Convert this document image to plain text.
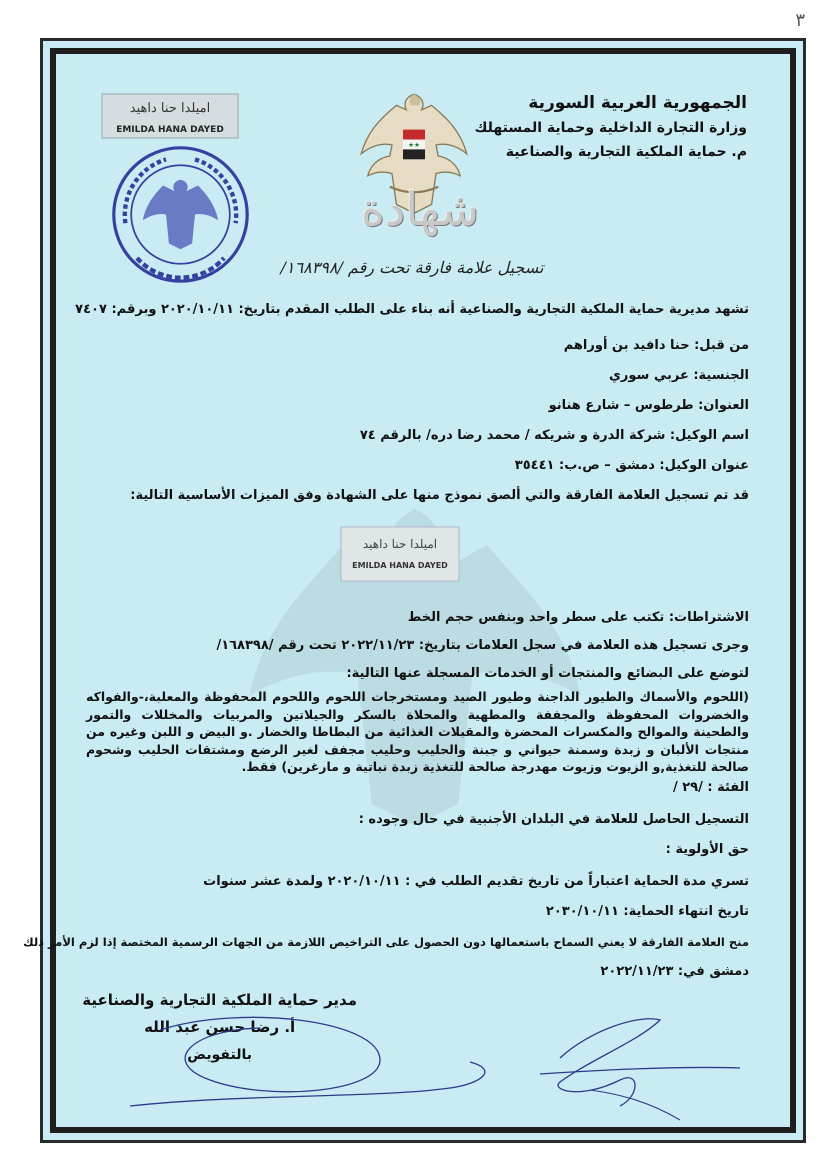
٣
الجمهورية العربية السورية
وزارة التجارة الداخلية وحماية المستهلك
م. حماية الملكية التجارية والصناعية
★★
اميلدا حنا داهيد
EMILDA HANA DAYED
شهادة
تسجيل علامة فارقة تحت رقم /١٦٨٣٩٨/
تشهد مديرية حماية الملكية التجارية والصناعية أنه بناء على الطلب المقدم بتاريخ: ٢٠٢٠/١٠/١١ وبرقم: ٧٤٠٧
من قبل: حنا دافيد بن أوراهم
الجنسية: عربي سوري
العنوان: طرطوس – شارع هنانو
اسم الوكيل: شركة الدرة و شريكه / محمد رضا دره/ بالرقم ٧٤
عنوان الوكيل: دمشق – ص.ب: ٣٥٤٤١
قد تم تسجيل العلامة الفارقة والتي ألصق نموذج منها على الشهادة وفق الميزات الأساسية التالية:
الاشتراطات: تكتب على سطر واحد وبنفس حجم الخط
وجرى تسجيل هذه العلامة في سجل العلامات بتاريخ: ٢٠٢٢/١١/٢٣ تحت رقم /١٦٨٣٩٨/
لتوضع على البضائع والمنتجات أو الخدمات المسجلة عنها التالية:
الفئة : /٢٩ /
التسجيل الحاصل للعلامة في البلدان الأجنبية في حال وجوده :
حق الأولوية :
تسري مدة الحماية اعتباراً من تاريخ تقديم الطلب في : ٢٠٢٠/١٠/١١ ولمدة عشر سنوات
تاريخ انتهاء الحماية: ٢٠٣٠/١٠/١١
منح العلامة الفارقة لا يعني السماح باستعمالها دون الحصول على التراخيص اللازمة من الجهات الرسمية المختصة إذا لزم الأمر ذلك
دمشق في: ٢٠٢٢/١١/٢٣
اميلدا حنا داهيد
EMILDA HANA DAYED
(اللحوم والأسماك والطيور الداجنة وطيور الصيد ومستخرجات اللحوم واللحوم المحفوظة والمعلبة،-والفواكه والخضروات المحفوظة والمجففة والمطهية والمحلاة بالسكر والجيلاتين والمربيات والمخللات والتمور والطحينة والموالح والمكسرات المحضرة والمقبلات الغذائية من البطاطا والخضار .و البيض و اللبن وغيره من منتجات الألبان و زبدة وسمنة حيواني و جبنة والحليب وحليب مجفف لغير الرضع ومشتقات الحليب وشحوم صالحة للتغذية,و الزيوت وزيوت مهدرجة صالحة للتغذية زبدة نباتية و مارغرين) فقط.
مدير حماية الملكية التجارية والصناعية
أ. رضا حسن عبد الله
بالتفويض
